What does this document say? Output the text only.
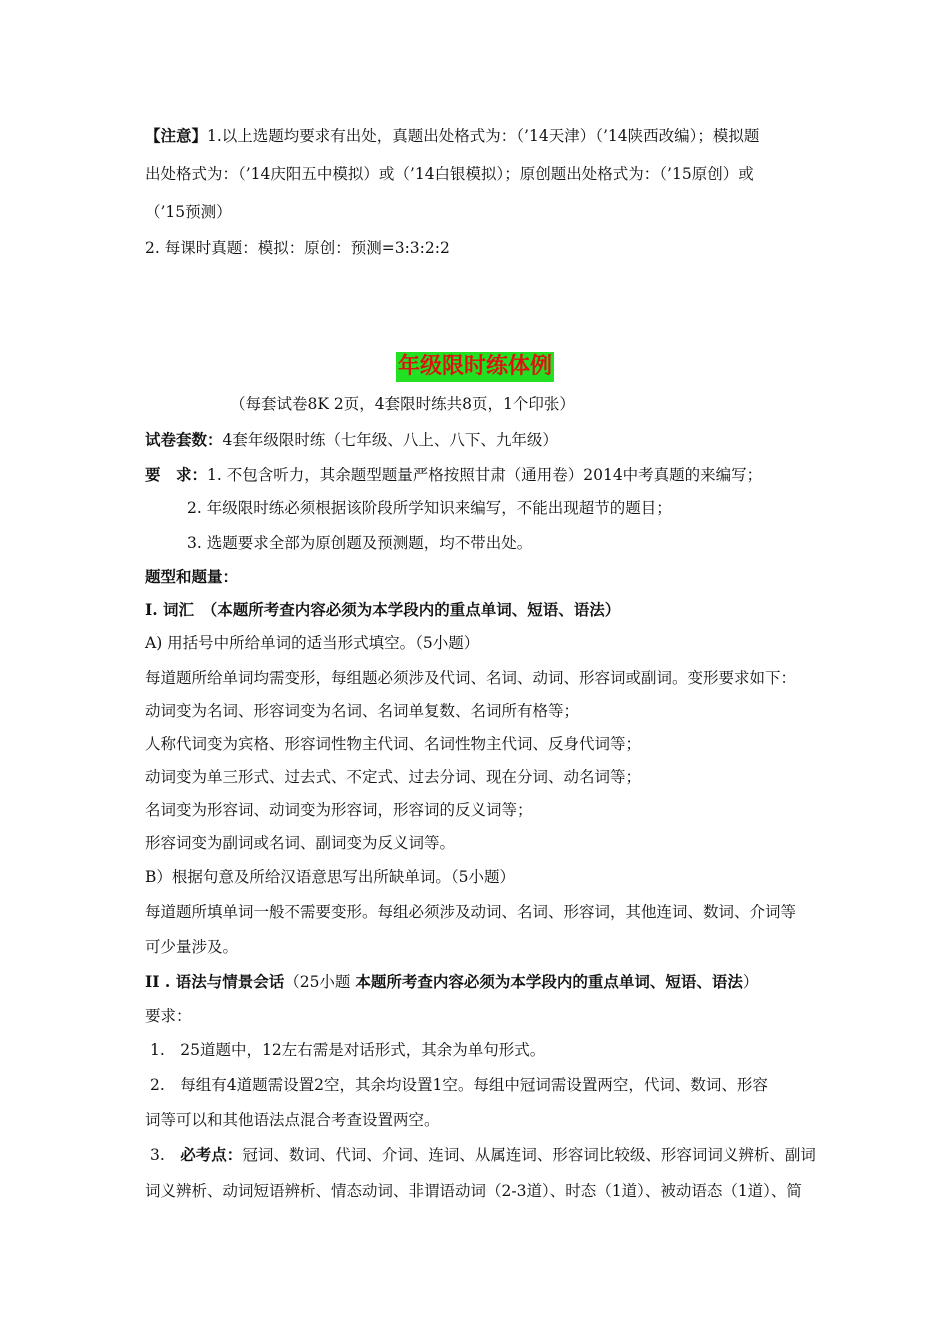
【注意】1.以上选题均要求有出处，真题出处格式为：（’14天津）（’14陕西改编）；模拟题
出处格式为：（’14庆阳五中模拟）或（’14白银模拟）；原创题出处格式为：（’15原创）或
（’15预测）
2. 每课时真题：模拟：原创：预测=3:3:2:2
年级限时练体例
（每套试卷8K 2页，4套限时练共8页，1个印张）
试卷套数：4套年级限时练（七年级、八上、八下、九年级）
要　求：1. 不包含听力，其余题型题量严格按照甘肃（通用卷）2014中考真题的来编写；
2. 年级限时练必须根据该阶段所学知识来编写，不能出现超节的题目；
3. 选题要求全部为原创题及预测题，均不带出处。
题型和题量：
Ⅰ. 词汇　（本题所考查内容必须为本学段内的重点单词、短语、语法）
A) 用括号中所给单词的适当形式填空。（5小题）
每道题所给单词均需变形，每组题必须涉及代词、名词、动词、形容词或副词。变形要求如下：
动词变为名词、形容词变为名词、名词单复数、名词所有格等；
人称代词变为宾格、形容词性物主代词、名词性物主代词、反身代词等；
动词变为单三形式、过去式、不定式、过去分词、现在分词、动名词等；
名词变为形容词、动词变为形容词，形容词的反义词等；
形容词变为副词或名词、副词变为反义词等。
B）根据句意及所给汉语意思写出所缺单词。（5小题）
每道题所填单词一般不需要变形。每组必须涉及动词、名词、形容词，其他连词、数词、介词等
可少量涉及。
II . 语法与情景会话（25小题 本题所考查内容必须为本学段内的重点单词、短语、语法）
要求：
1.　25道题中，12左右需是对话形式，其余为单句形式。
2.　每组有4道题需设置2空，其余均设置1空。每组中冠词需设置两空，代词、数词、形容
词等可以和其他语法点混合考查设置两空。
3.　必考点：冠词、数词、代词、介词、连词、从属连词、形容词比较级、形容词词义辨析、副词
词义辨析、动词短语辨析、情态动词、非谓语动词（2-3道）、时态（1道）、被动语态（1道）、简
